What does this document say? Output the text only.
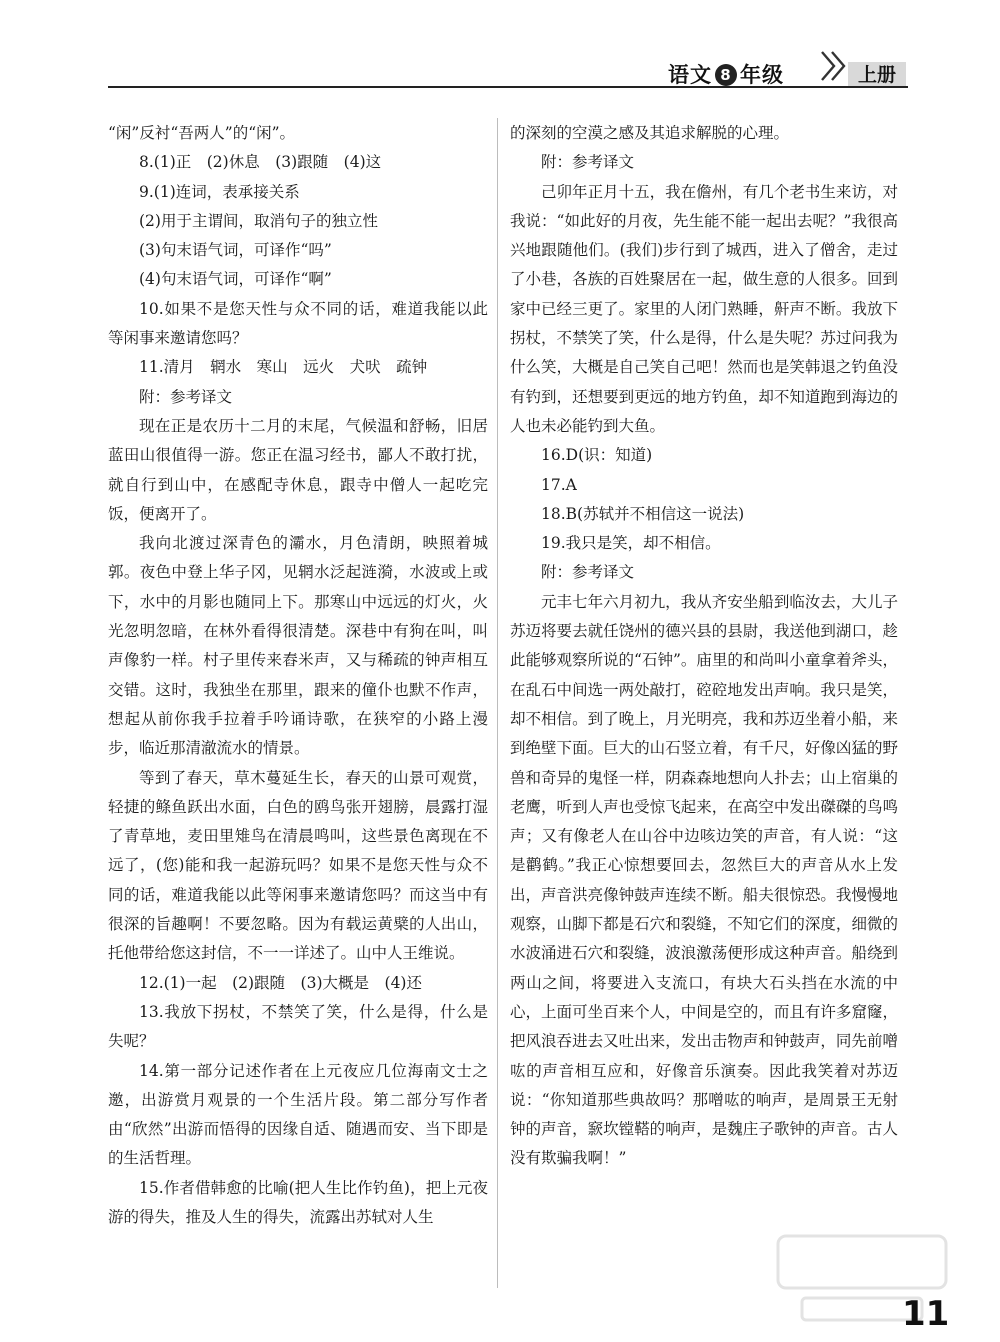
语文 8 年级	上册

“闲”反衬“吾两人”的“闲”。

8.(1)正　(2)休息　(3)跟随　(4)这

9.(1)连词，表承接关系

(2)用于主谓间，取消句子的独立性

(3)句末语气词，可译作“吗”

(4)句末语气词，可译作“啊”

10.如果不是您天性与众不同的话，难道我能以此等闲事来邀请您吗？

11.清月　辋水　寒山　远火　犬吠　疏钟

附：参考译文

现在正是农历十二月的末尾，气候温和舒畅，旧居蓝田山很值得一游。您正在温习经书，鄙人不敢打扰，就自行到山中，在感配寺休息，跟寺中僧人一起吃完饭，便离开了。

我向北渡过深青色的灞水，月色清朗，映照着城郭。夜色中登上华子冈，见辋水泛起涟漪，水波或上或下，水中的月影也随同上下。那寒山中远远的灯火，火光忽明忽暗，在林外看得很清楚。深巷中有狗在叫，叫声像豹一样。村子里传来舂米声，又与稀疏的钟声相互交错。这时，我独坐在那里，跟来的僮仆也默不作声，想起从前你我手拉着手吟诵诗歌，在狭窄的小路上漫步，临近那清澈流水的情景。

等到了春天，草木蔓延生长，春天的山景可观赏，轻捷的鲦鱼跃出水面，白色的鸥鸟张开翅膀，晨露打湿了青草地，麦田里雉鸟在清晨鸣叫，这些景色离现在不远了，(您)能和我一起游玩吗？如果不是您天性与众不同的话，难道我能以此等闲事来邀请您吗？而这当中有很深的旨趣啊！不要忽略。因为有载运黄檗的人出山，托他带给您这封信，不一一详述了。山中人王维说。

12.(1)一起　(2)跟随　(3)大概是　(4)还

13.我放下拐杖，不禁笑了笑，什么是得，什么是失呢？

14.第一部分记述作者在上元夜应几位海南文士之邀，出游赏月观景的一个生活片段。第二部分写作者由“欣然”出游而悟得的因缘自适、随遇而安、当下即是的生活哲理。

15.作者借韩愈的比喻(把人生比作钓鱼)，把上元夜游的得失，推及人生的得失，流露出苏轼对人生

的深刻的空漠之感及其追求解脱的心理。

附：参考译文

己卯年正月十五，我在儋州，有几个老书生来访，对我说：“如此好的月夜，先生能不能一起出去呢？”我很高兴地跟随他们。(我们)步行到了城西，进入了僧舍，走过了小巷，各族的百姓聚居在一起，做生意的人很多。回到家中已经三更了。家里的人闭门熟睡，鼾声不断。我放下拐杖，不禁笑了笑，什么是得，什么是失呢？苏过问我为什么笑，大概是自己笑自己吧！然而也是笑韩退之钓鱼没有钓到，还想要到更远的地方钓鱼，却不知道跑到海边的人也未必能钓到大鱼。

16.D(识：知道)

17.A

18.B(苏轼并不相信这一说法)

19.我只是笑，却不相信。

附：参考译文

元丰七年六月初九，我从齐安坐船到临汝去，大儿子苏迈将要去就任饶州的德兴县的县尉，我送他到湖口，趁此能够观察所说的“石钟”。庙里的和尚叫小童拿着斧头，在乱石中间选一两处敲打，硿硿地发出声响。我只是笑，却不相信。到了晚上，月光明亮，我和苏迈坐着小船，来到绝壁下面。巨大的山石竖立着，有千尺，好像凶猛的野兽和奇异的鬼怪一样，阴森森地想向人扑去；山上宿巢的老鹰，听到人声也受惊飞起来，在高空中发出磔磔的鸟鸣声；又有像老人在山谷中边咳边笑的声音，有人说：“这是鹳鹤。”我正心惊想要回去，忽然巨大的声音从水上发出，声音洪亮像钟鼓声连续不断。船夫很惊恐。我慢慢地观察，山脚下都是石穴和裂缝，不知它们的深度，细微的水波涌进石穴和裂缝，波浪激荡便形成这种声音。船绕到两山之间，将要进入支流口，有块大石头挡在水流的中心，上面可坐百来个人，中间是空的，而且有许多窟窿，把风浪吞进去又吐出来，发出击物声和钟鼓声，同先前噌吰的声音相互应和，好像音乐演奏。因此我笑着对苏迈说：“你知道那些典故吗？那噌吰的响声，是周景王无射钟的声音，窾坎镗鞳的响声，是魏庄子歌钟的声音。古人没有欺骗我啊！”

11
